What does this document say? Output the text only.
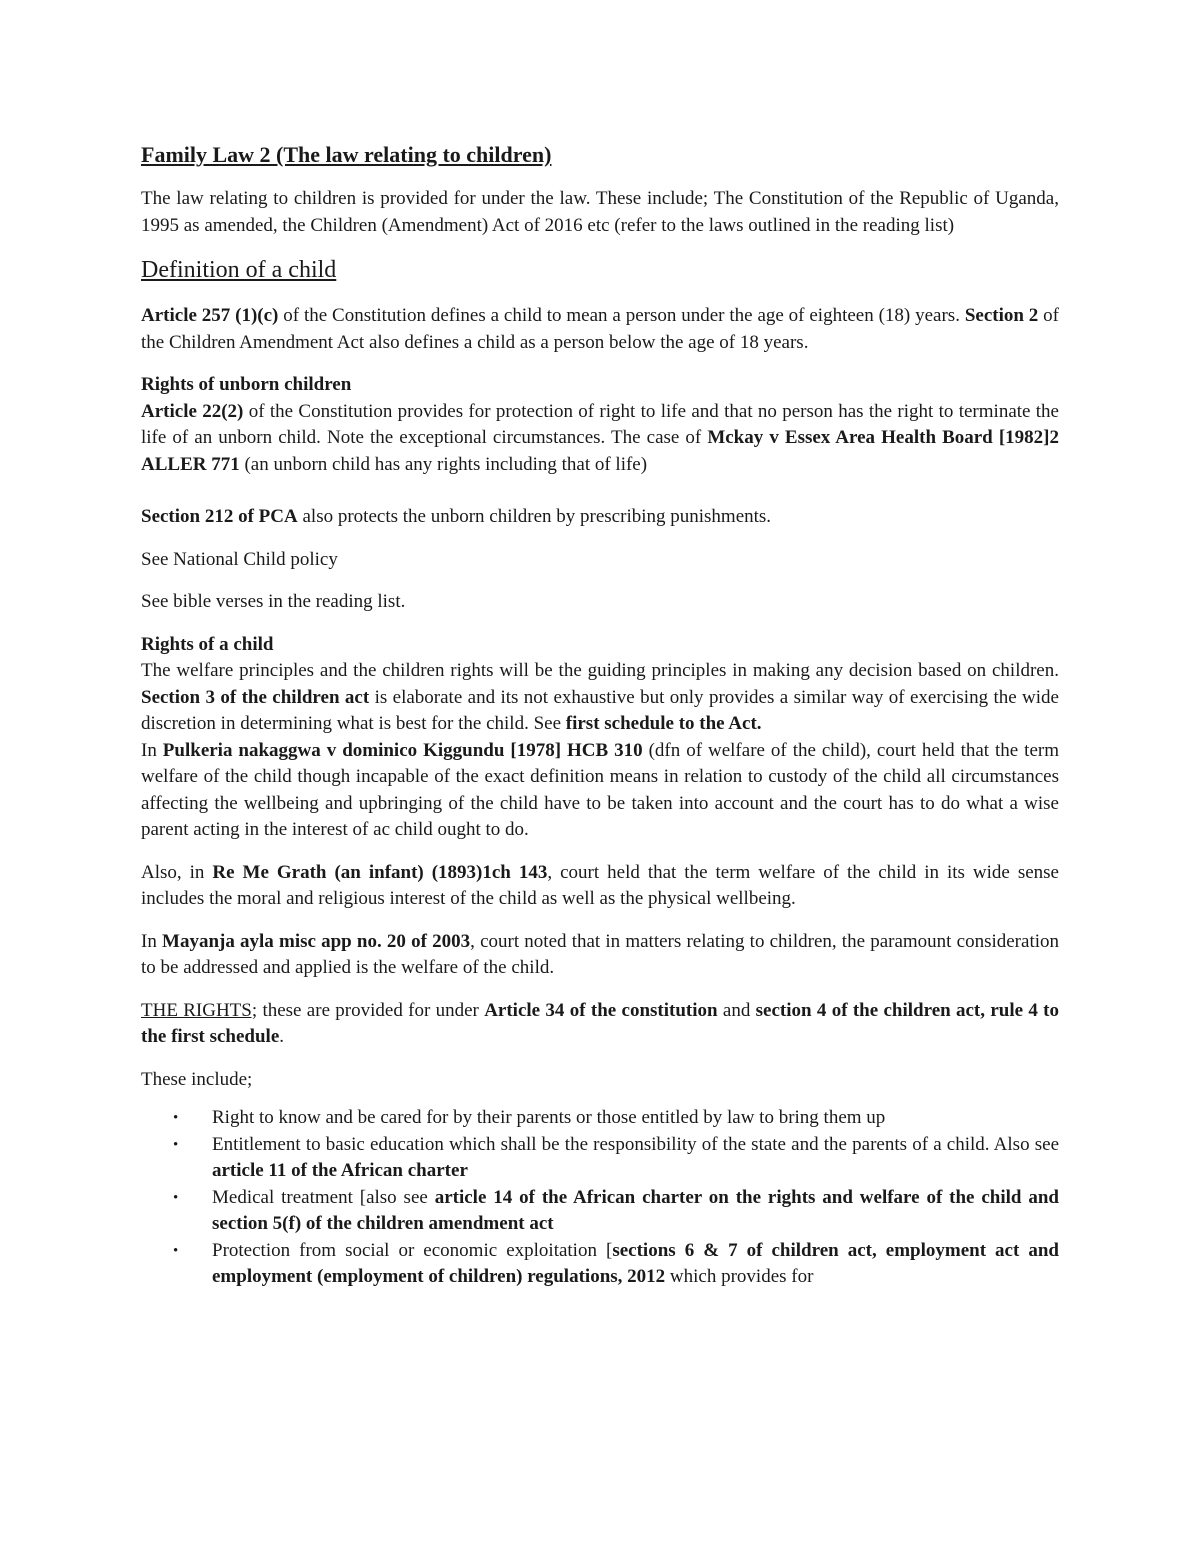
Family Law 2 (The law relating to children)

The law relating to children is provided for under the law. These include; The Constitution of the Republic of Uganda, 1995 as amended, the Children (Amendment) Act of 2016 etc (refer to the laws outlined in the reading list)

Definition of a child

Article 257 (1)(c) of the Constitution defines a child to mean a person under the age of eighteen (18) years. Section 2 of the Children Amendment Act also defines a child as a person below the age of 18 years.

Rights of unborn children

Article 22(2) of the Constitution provides for protection of right to life and that no person has the right to terminate the life of an unborn child. Note the exceptional circumstances. The case of Mckay v Essex Area Health Board [1982]2 ALLER 771 (an unborn child has any rights including that of life)

Section 212 of PCA also protects the unborn children by prescribing punishments.

See National Child policy

See bible verses in the reading list.

Rights of a child

The welfare principles and the children rights will be the guiding principles in making any decision based on children. Section 3 of the children act is elaborate and its not exhaustive but only provides a similar way of exercising the wide discretion in determining what is best for the child. See first schedule to the Act.

In Pulkeria nakaggwa v dominico Kiggundu [1978] HCB 310 (dfn of welfare of the child), court held that the term welfare of the child though incapable of the exact definition means in relation to custody of the child all circumstances affecting the wellbeing and upbringing of the child have to be taken into account and the court has to do what a wise parent acting in the interest of ac child ought to do.

Also, in Re Me Grath (an infant) (1893)1ch 143, court held that the term welfare of the child in its wide sense includes the moral and religious interest of the child as well as the physical wellbeing.

In Mayanja ayla misc app no. 20 of 2003, court noted that in matters relating to children, the paramount consideration to be addressed and applied is the welfare of the child.

THE RIGHTS; these are provided for under Article 34 of the constitution and section 4 of the children act, rule 4 to the first schedule.

These include;

• Right to know and be cared for by their parents or those entitled by law to bring them up
• Entitlement to basic education which shall be the responsibility of the state and the parents of a child. Also see article 11 of the African charter
• Medical treatment [also see article 14 of the African charter on the rights and welfare of the child and section 5(f) of the children amendment act
• Protection from social or economic exploitation [sections 6 & 7 of children act, employment act and employment (employment of children) regulations, 2012 which provides for
